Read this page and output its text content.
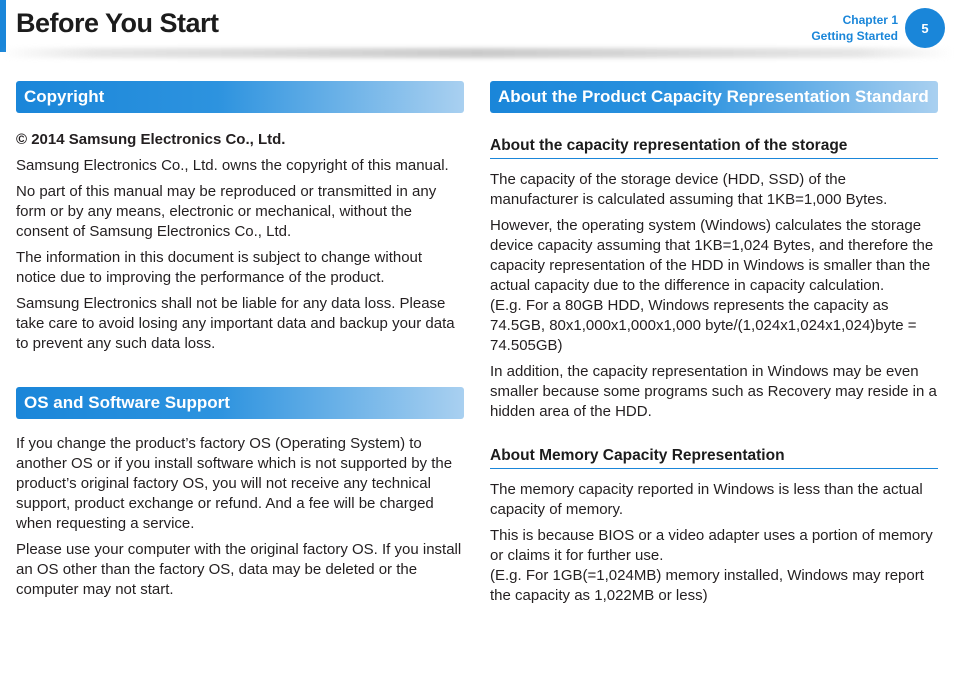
Before You Start	Chapter 1
Getting Started
5
Copyright

© 2014 Samsung Electronics Co., Ltd.

Samsung Electronics Co., Ltd. owns the copyright of this manual.

No part of this manual may be reproduced or transmitted in any form or by any means, electronic or mechanical, without the consent of Samsung Electronics Co., Ltd.

The information in this document is subject to change without notice due to improving the performance of the product.

Samsung Electronics shall not be liable for any data loss. Please take care to avoid losing any important data and backup your data to prevent any such data loss.

OS and Software Support

If you change the product’s factory OS (Operating System) to another OS or if you install software which is not supported by the product’s original factory OS, you will not receive any technical support, product exchange or refund. And a fee will be charged when requesting a service.

Please use your computer with the original factory OS. If you install an OS other than the factory OS, data may be deleted or the computer may not start.

About the Product Capacity Representation Standard
About the capacity representation of the storage

The capacity of the storage device (HDD, SSD) of the manufacturer is calculated assuming that 1KB=1,000 Bytes.

However, the operating system (Windows) calculates the storage device capacity assuming that 1KB=1,024 Bytes, and therefore the capacity representation of the HDD in Windows is smaller than the actual capacity due to the difference in capacity calculation.

(E.g. For a 80GB HDD, Windows represents the capacity as 74.5GB, 80x1,000x1,000x1,000 byte/(1,024x1,024x1,024)byte = 74.505GB)

In addition, the capacity representation in Windows may be even smaller because some programs such as Recovery may reside in a hidden area of the HDD.

About Memory Capacity Representation

The memory capacity reported in Windows is less than the actual capacity of memory.

This is because BIOS or a video adapter uses a portion of memory or claims it for further use.

(E.g. For 1GB(=1,024MB) memory installed, Windows may report the capacity as 1,022MB or less)
